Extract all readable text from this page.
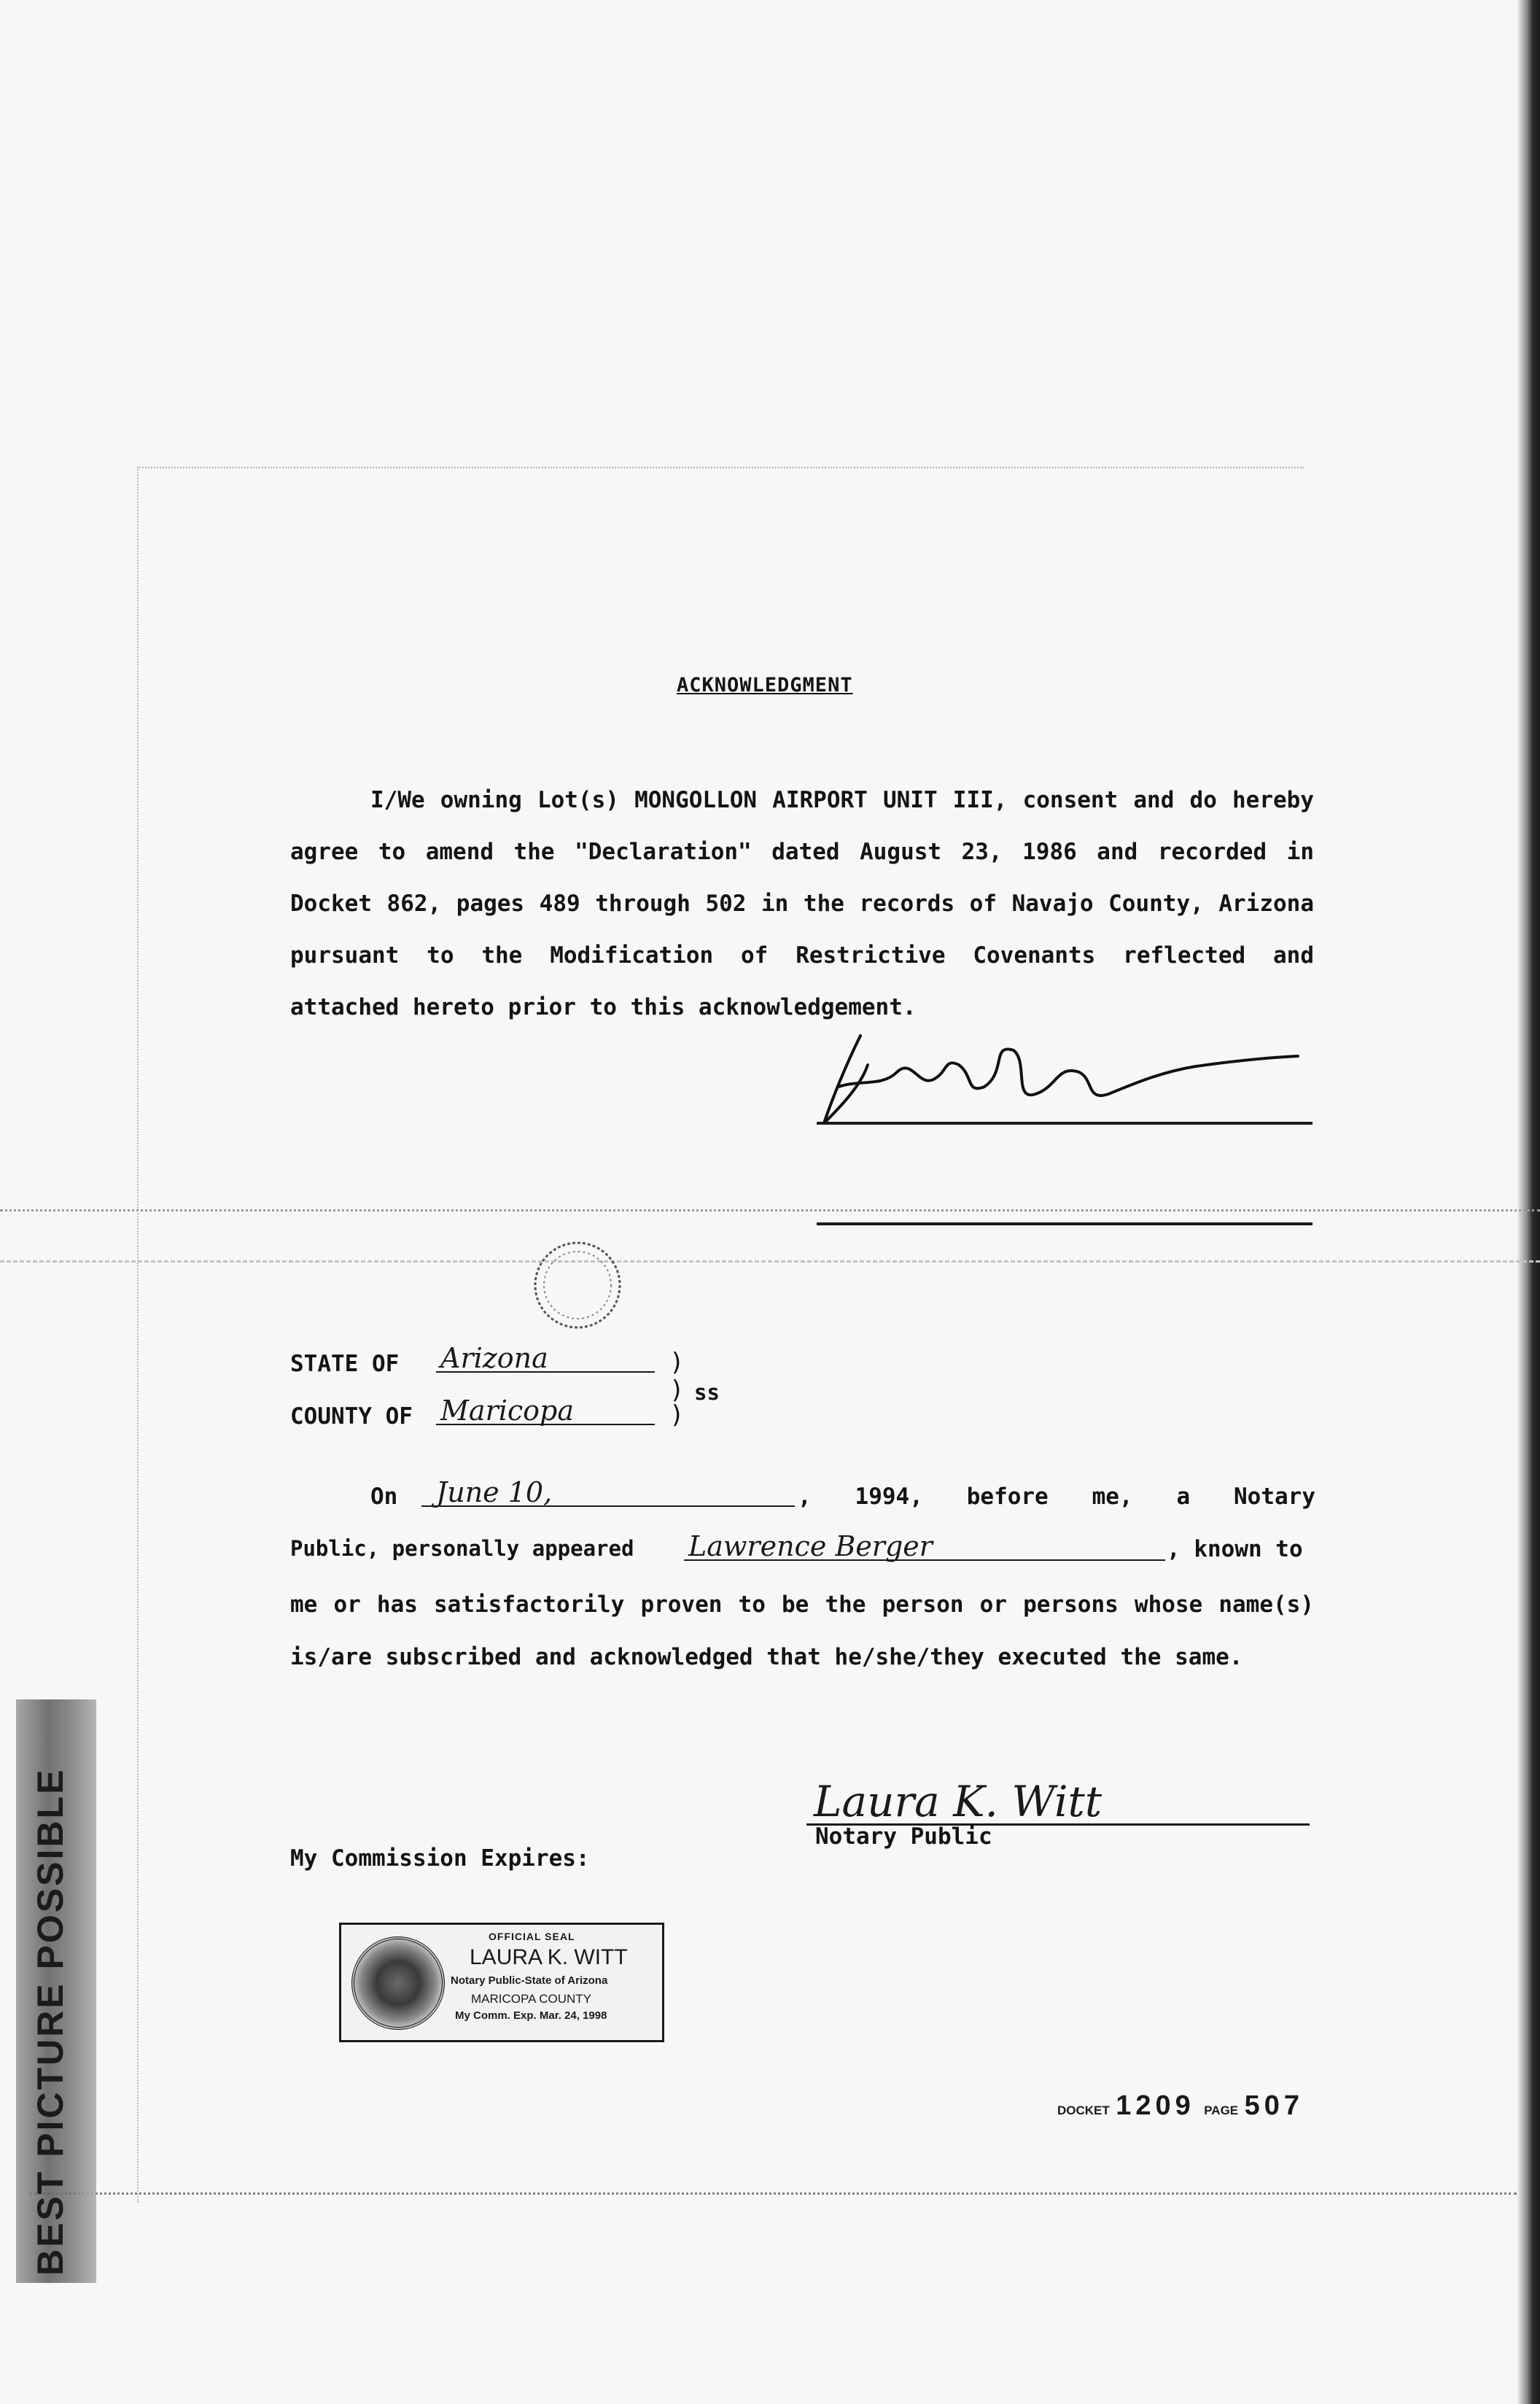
BEST PICTURE POSSIBLE
ACKNOWLEDGMENT
I/We owning Lot(s) MONGOLLON AIRPORT UNIT III, consent and do hereby agree to amend the "Declaration" dated August 23, 1986 and recorded in Docket 862, pages 489 through 502 in the records of Navajo County, Arizona pursuant to the Modification of Restrictive Covenants reflected and attached hereto prior to this acknowledgement.
STATE OF Arizona	)
COUNTY OF Maricopa	)
) ss
On	June 10,	, 1994, before me, a Notary
Public, personally appeared Lawrence Berger	, known to
me or has satisfactorily proven to be the person or persons whose name(s) is/are subscribed and acknowledged that he/she/they executed the same.
Laura K. Witt
Notary Public
My Commission Expires:
OFFICIAL SEAL
LAURA K. WITT
Notary Public-State of Arizona
MARICOPA COUNTY
My Comm. Exp. Mar. 24, 1998
DOCKET 1209 PAGE 507
